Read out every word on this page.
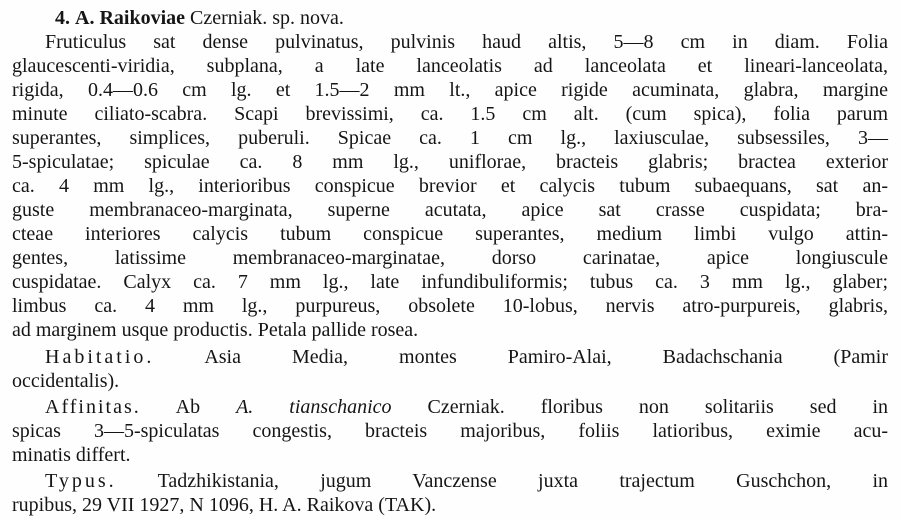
4. A. Raikoviae Czerniak. sp. nova.
Fruticulus sat dense pulvinatus, pulvinis haud altis, 5—8 cm in diam. Folia
glaucescenti-viridia, subplana, a late lanceolatis ad lanceolata et lineari-lanceolata,
rigida, 0.4—0.6 cm lg. et 1.5—2 mm lt., apice rigide acuminata, glabra, margine
minute ciliato-scabra. Scapi brevissimi, ca. 1.5 cm alt. (cum spica), folia parum
superantes, simplices, puberuli. Spicae ca. 1 cm lg., laxiusculae, subsessiles, 3—
5-spiculatae; spiculae ca. 8 mm lg., uniflorae, bracteis glabris; bractea exterior
ca. 4 mm lg., interioribus conspicue brevior et calycis tubum subaequans, sat an-
guste membranaceo-marginata, superne acutata, apice sat crasse cuspidata; bra-
cteae interiores calycis tubum conspicue superantes, medium limbi vulgo attin-
gentes, latissime membranaceo-marginatae, dorso carinatae, apice longiuscule
cuspidatae. Calyx ca. 7 mm lg., late infundibuliformis; tubus ca. 3 mm lg., glaber;
limbus ca. 4 mm lg., purpureus, obsolete 10-lobus, nervis atro-purpureis, glabris,
ad marginem usque productis. Petala pallide rosea.
Habitatio. Asia Media, montes Pamiro-Alai, Badachschania (Pamir
occidentalis).
Affinitas. Ab A. tianschanico Czerniak. floribus non solitariis sed in
spicas 3—5-spiculatas congestis, bracteis majoribus, foliis latioribus, eximie acu-
minatis differt.
Typus. Tadzhikistania, jugum Vanczense juxta trajectum Guschchon, in
rupibus, 29 VII 1927, N 1096, H. A. Raikova (TAK).
